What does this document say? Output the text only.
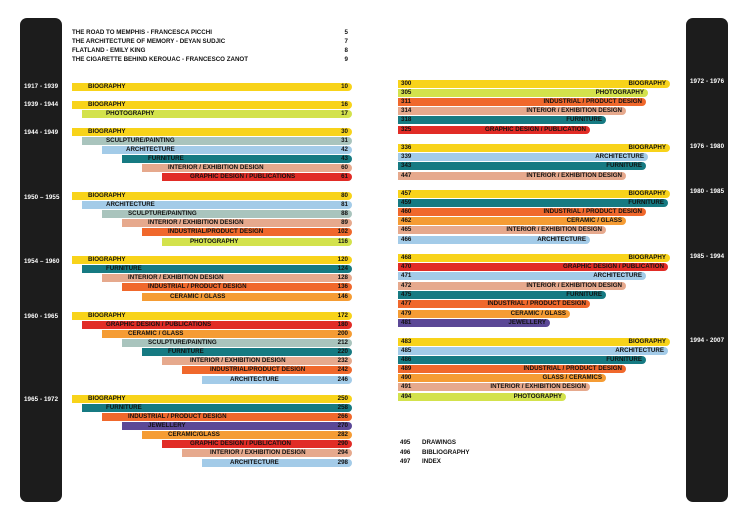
THE ROAD TO MEMPHIS - FRANCESCA PICCHI	5
THE ARCHITECTURE OF MEMORY - DEYAN SUDJIC	7
FLATLAND - EMILY KING	8
THE CIGARETTE BEHIND KEROUAC - FRANCESCO ZANOT	9
1917 - 1939	BIOGRAPHY	10
1939 - 1944	BIOGRAPHY	16
PHOTOGRAPHY	17
1944 - 1949	BIOGRAPHY	30
SCULPTURE/PAINTING	31
ARCHITECTURE	42
FURNITURE	43
INTERIOR / EXHIBITION DESIGN	60
GRAPHIC DESIGN / PUBLICATIONS	61
1950 – 1955	BIOGRAPHY	80
ARCHITECTURE	81
SCULPTURE/PAINTING	88
INTERIOR / EXHIBITION DESIGN	89
INDUSTRIAL/PRODUCT DESIGN	102
PHOTOGRAPHY	116
1954 – 1960	BIOGRAPHY	120
FURNITURE	124
INTERIOR / EXHIBITION DESIGN	128
INDUSTRIAL / PRODUCT DESIGN	136
CERAMIC / GLASS	146
1960 - 1965	BIOGRAPHY	172
GRAPHIC DESIGN / PUBLICATIONS	180
CERAMIC / GLASS	200
SCULPTURE/PAINTING	212
FURNITURE	220
INTERIOR / EXHIBITION DESIGN	232
INDUSTRIAL/PRODUCT DESIGN	242
ARCHITECTURE	246
1965 - 1972	BIOGRAPHY	250
FURNITURE	258
INDUSTRIAL / PRODUCT DESIGN	266
JEWELLERY	270
CERAMIC/GLASS	282
GRAPHIC DESIGN / PUBLICATION	290
INTERIOR / EXHIBITION DESIGN	294
ARCHITECTURE	298
1972 - 1976
300	BIOGRAPHY
305	PHOTOGRAPHY
311	INDUSTRIAL / PRODUCT DESIGN
314	INTERIOR / EXHIBITION DESIGN
318	FURNITURE
325	GRAPHIC DESIGN / PUBLICATION
1976 - 1980
336	BIOGRAPHY
339	ARCHITECTURE
343	FURNITURE
447	INTERIOR / EXHIBITION DESIGN
1980 - 1985
457	BIOGRAPHY
459	FURNITURE
460	INDUSTRIAL / PRODUCT DESIGN
462	CERAMIC / GLASS
465	INTERIOR / EXHIBITION DESIGN
466	ARCHITECTURE
1985 - 1994
468	BIOGRAPHY
470	GRAPHIC DESIGN / PUBLICATION
471	ARCHITECTURE
472	INTERIOR / EXHIBITION DESIGN
475	FURNITURE
477	INDUSTRIAL / PRODUCT DESIGN
479	CERAMIC / GLASS
481	JEWELLERY
1994 - 2007
483	BIOGRAPHY
485	ARCHITECTURE
486	FURNITURE
489	INDUSTRIAL / PRODUCT DESIGN
490	GLASS / CERAMICS
491	INTERIOR / EXHIBITION DESIGN
494	PHOTOGRAPHY
495 DRAWINGS
496 BIBLIOGRAPHY
497 INDEX
